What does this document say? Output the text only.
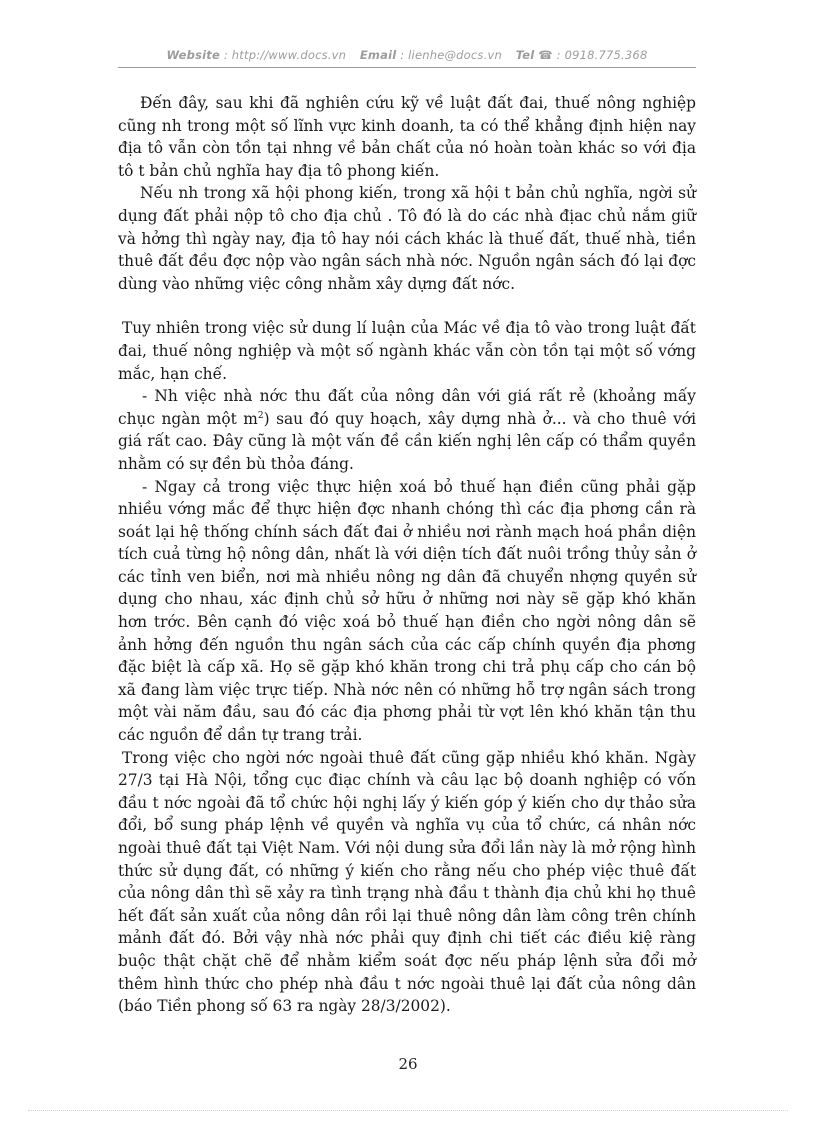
Website : http://www.docs.vn Email : lienhe@docs.vn Tel ☎ : 0918.775.368

Đến đây, sau khi đã nghiên cứu kỹ về luật đất đai, thuế nông nghiệp cũng nh trong một số lĩnh vực kinh doanh, ta có thể khẳng định hiện nay địa tô vẫn còn tồn tại nhng về bản chất của nó hoàn toàn khác so với địa tô t bản chủ nghĩa hay địa tô phong kiến.

Nếu nh trong xã hội phong kiến, trong xã hội t bản chủ nghĩa, ngời sử dụng đất phải nộp tô cho địa chủ . Tô đó là do các nhà địac chủ nắm giữ và hởng thì ngày nay, địa tô hay nói cách khác là thuế đất, thuế nhà, tiền thuê đất đều đợc nộp vào ngân sách nhà nớc. Nguồn ngân sách đó lại đợc dùng vào những việc công nhằm xây dựng đất nớc.

Tuy nhiên trong việc sử dung lí luận của Mác về địa tô vào trong luật đất đai, thuế nông nghiệp và một số ngành khác vẫn còn tồn tại một số vớng mắc, hạn chế.

- Nh việc nhà nớc thu đất của nông dân với giá rất rẻ (khoảng mấy chục ngàn một $m^2$) sau đó quy hoạch, xây dựng nhà ở... và cho thuê với giá rất cao. Đây cũng là một vấn đề cần kiến nghị lên cấp có thẩm quyền nhằm có sự đền bù thỏa đáng.

- Ngay cả trong việc thực hiện xoá bỏ thuế hạn điền cũng phải gặp nhiều vớng mắc để thực hiện đợc nhanh chóng thì các địa phơng cần rà soát lại hệ thống chính sách đất đai ở nhiều nơi rành mạch hoá phần diện tích cuả từng hộ nông dân, nhất là với diện tích đất nuôi trồng thủy sản ở các tỉnh ven biển, nơi mà nhiều nông ng dân đã chuyển nhợng quyền sử dụng cho nhau, xác định chủ sở hữu ở những nơi này sẽ gặp khó khăn hơn trớc. Bên cạnh đó việc xoá bỏ thuế hạn điền cho ngời nông dân sẽ ảnh hởng đến nguồn thu ngân sách của các cấp chính quyền địa phơng đặc biệt là cấp xã. Họ sẽ gặp khó khăn trong chi trả phụ cấp cho cán bộ xã đang làm việc trực tiếp. Nhà nớc nên có những hỗ trợ ngân sách trong một vài năm đầu, sau đó các địa phơng phải từ vợt lên khó khăn tận thu các nguồn để dần tự trang trải.

Trong việc cho ngời nớc ngoài thuê đất cũng gặp nhiều khó khăn. Ngày 27/3 tại Hà Nội, tổng cục điạc chính và câu lạc bộ doanh nghiệp có vốn đầu t nớc ngoài đã tổ chức hội nghị lấy ý kiến góp ý kiến cho dự thảo sửa đổi, bổ sung pháp lệnh về quyền và nghĩa vụ của tổ chức, cá nhân nớc ngoài thuê đất tại Việt Nam. Với nội dung sửa đổi lần này là mở rộng hình thức sử dụng đất, có những ý kiến cho rằng nếu cho phép việc thuê đất của nông dân thì sẽ xảy ra tình trạng nhà đầu t thành địa chủ khi họ thuê hết đất sản xuất của nông dân rồi lại thuê nông dân làm công trên chính mảnh đất đó. Bởi vậy nhà nớc phải quy định chi tiết các điều kiệ ràng buộc thật chặt chẽ để nhằm kiểm soát đợc nếu pháp lệnh sửa đổi mở thêm hình thức cho phép nhà đầu t nớc ngoài thuê lại đất của nông dân (báo Tiền phong số 63 ra ngày 28/3/2002).

26
